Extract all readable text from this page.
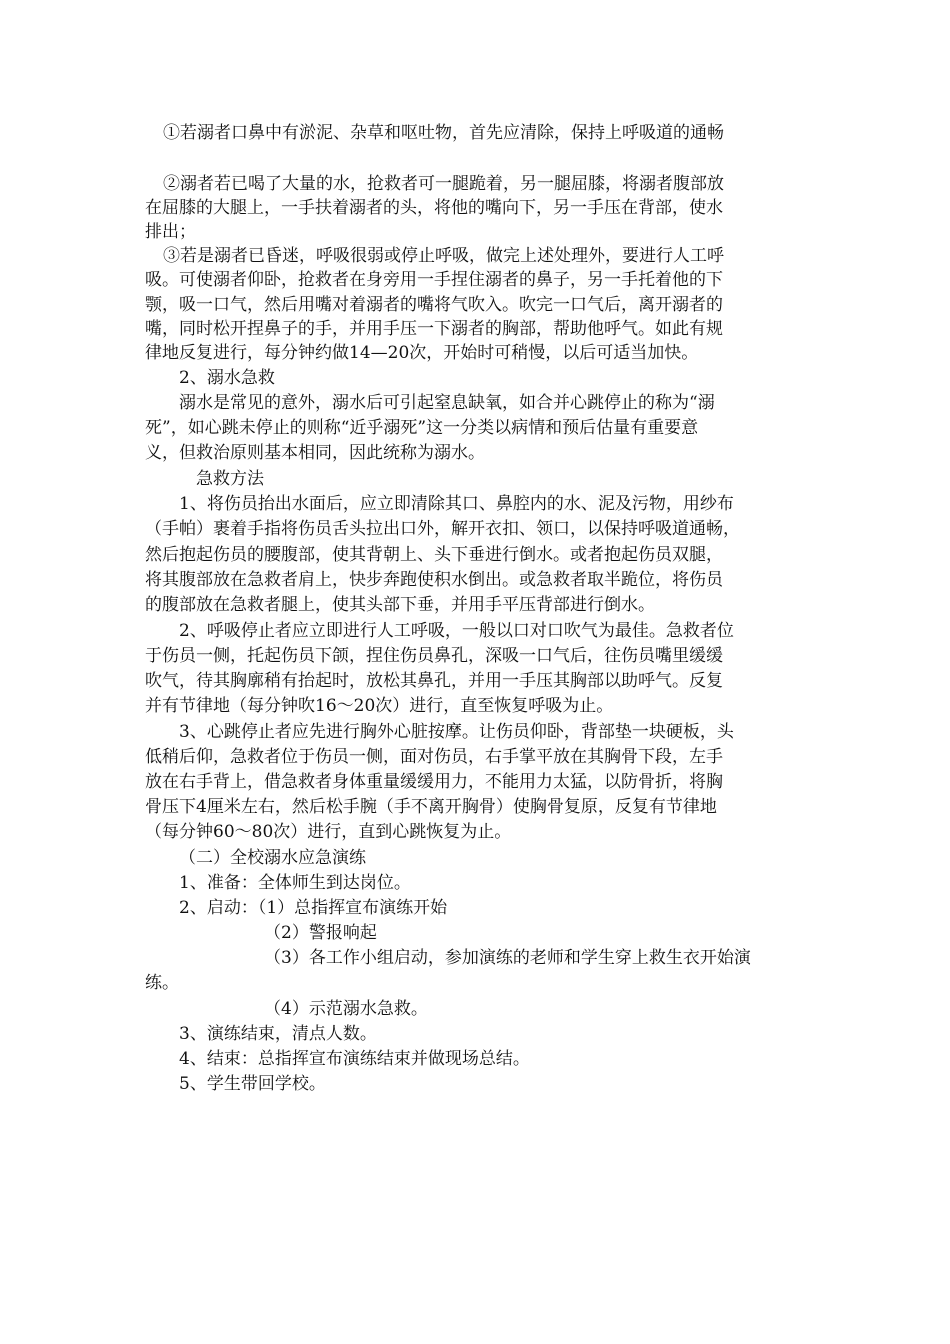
①若溺者口鼻中有淤泥、杂草和呕吐物，首先应清除，保持上呼吸道的通畅
②溺者若已喝了大量的水，抢救者可一腿跪着，另一腿屈膝，将溺者腹部放
在屈膝的大腿上，一手扶着溺者的头，将他的嘴向下，另一手压在背部，使水
排出；
③若是溺者已昏迷，呼吸很弱或停止呼吸，做完上述处理外，要进行人工呼
吸。可使溺者仰卧，抢救者在身旁用一手捏住溺者的鼻子，另一手托着他的下
颚，吸一口气，然后用嘴对着溺者的嘴将气吹入。吹完一口气后，离开溺者的
嘴，同时松开捏鼻子的手，并用手压一下溺者的胸部，帮助他呼气。如此有规
律地反复进行，每分钟约做14—20次，开始时可稍慢，以后可适当加快。
2、溺水急救
溺水是常见的意外，溺水后可引起窒息缺氧，如合并心跳停止的称为“溺
死”，如心跳未停止的则称“近乎溺死”这一分类以病情和预后估量有重要意
义，但救治原则基本相同，因此统称为溺水。
急救方法
1、将伤员抬出水面后，应立即清除其口、鼻腔内的水、泥及污物，用纱布
（手帕）裹着手指将伤员舌头拉出口外，解开衣扣、领口，以保持呼吸道通畅，
然后抱起伤员的腰腹部，使其背朝上、头下垂进行倒水。或者抱起伤员双腿，
将其腹部放在急救者肩上，快步奔跑使积水倒出。或急救者取半跪位，将伤员
的腹部放在急救者腿上，使其头部下垂，并用手平压背部进行倒水。
2、呼吸停止者应立即进行人工呼吸，一般以口对口吹气为最佳。急救者位
于伤员一侧，托起伤员下颌，捏住伤员鼻孔，深吸一口气后，往伤员嘴里缓缓
吹气，待其胸廓稍有抬起时，放松其鼻孔，并用一手压其胸部以助呼气。反复
并有节律地（每分钟吹16～20次）进行，直至恢复呼吸为止。
3、心跳停止者应先进行胸外心脏按摩。让伤员仰卧，背部垫一块硬板，头
低稍后仰，急救者位于伤员一侧，面对伤员，右手掌平放在其胸骨下段，左手
放在右手背上，借急救者身体重量缓缓用力，不能用力太猛，以防骨折，将胸
骨压下4厘米左右，然后松手腕（手不离开胸骨）使胸骨复原，反复有节律地
（每分钟60～80次）进行，直到心跳恢复为止。
（二）全校溺水应急演练
1、准备：全体师生到达岗位。
2、启动：（1）总指挥宣布演练开始
（2）警报响起
（3）各工作小组启动，参加演练的老师和学生穿上救生衣开始演
练。
（4）示范溺水急救。
3、演练结束，清点人数。
4、结束：总指挥宣布演练结束并做现场总结。
5、学生带回学校。
